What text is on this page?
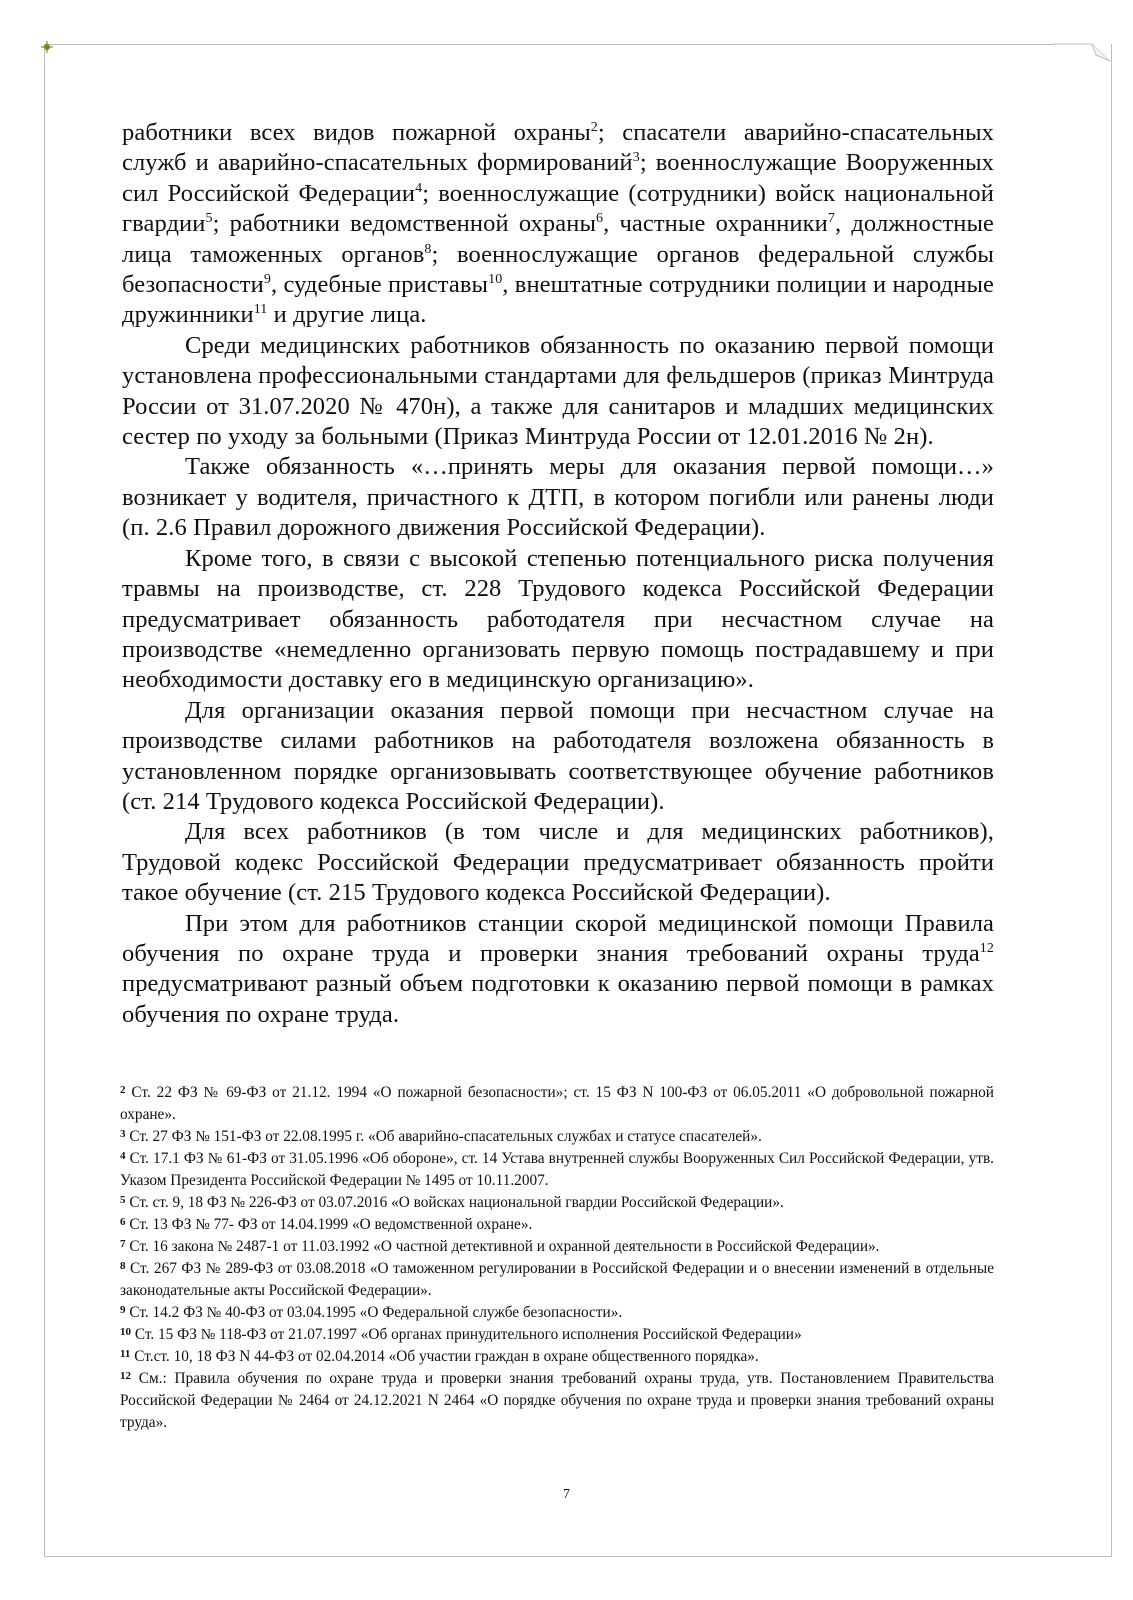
работники всех видов пожарной охраны$^2$; спасатели аварийно-спасательных служб и аварийно-спасательных формирований$^3$; военнослужащие Вооруженных сил Российской Федерации$^4$; военнослужащие (сотрудники) войск национальной гвардии$^5$; работники ведомственной охраны$^6$, частные охранники$^7$, должностные лица таможенных органов$^8$; военнослужащие органов федеральной службы безопасности$^9$, судебные приставы$^{10}$, внештатные сотрудники полиции и народные дружинники$^{11}$ и другие лица.

Среди медицинских работников обязанность по оказанию первой помощи установлена профессиональными стандартами для фельдшеров (приказ Минтруда России от 31.07.2020 № 470н), а также для санитаров и младших медицинских сестер по уходу за больными (Приказ Минтруда России от 12.01.2016 № 2н).

Также обязанность «…принять меры для оказания первой помощи…» возникает у водителя, причастного к ДТП, в котором погибли или ранены люди (п. 2.6 Правил дорожного движения Российской Федерации).

Кроме того, в связи с высокой степенью потенциального риска получения травмы на производстве, ст. 228 Трудового кодекса Российской Федерации предусматривает обязанность работодателя при несчастном случае на производстве «немедленно организовать первую помощь пострадавшему и при необходимости доставку его в медицинскую организацию».

Для организации оказания первой помощи при несчастном случае на производстве силами работников на работодателя возложена обязанность в установленном порядке организовывать соответствующее обучение работников (ст. 214 Трудового кодекса Российской Федерации).

Для всех работников (в том числе и для медицинских работников), Трудовой кодекс Российской Федерации предусматривает обязанность пройти такое обучение (ст. 215 Трудового кодекса Российской Федерации).

При этом для работников станции скорой медицинской помощи Правила обучения по охране труда и проверки знания требований охраны труда$^{12}$ предусматривают разный объем подготовки к оказанию первой помощи в рамках обучения по охране труда.

$^2$ Ст. 22 ФЗ № 69-ФЗ от 21.12. 1994 «О пожарной безопасности»; ст. 15 ФЗ N 100-ФЗ от 06.05.2011 «О добровольной пожарной охране».

$^3$ Ст. 27 ФЗ № 151-ФЗ от 22.08.1995 г. «Об аварийно-спасательных службах и статусе спасателей».

$^4$ Ст. 17.1 ФЗ № 61-ФЗ от 31.05.1996 «Об обороне», ст. 14 Устава внутренней службы Вооруженных Сил Российской Федерации, утв. Указом Президента Российской Федерации № 1495 от 10.11.2007.

$^5$ Ст. ст. 9, 18 ФЗ № 226-ФЗ от 03.07.2016 «О войсках национальной гвардии Российской Федерации».

$^6$ Ст. 13 ФЗ № 77- ФЗ от 14.04.1999 «О ведомственной охране».

$^7$ Ст. 16 закона № 2487-1 от 11.03.1992 «О частной детективной и охранной деятельности в Российской Федерации».

$^8$ Ст. 267 ФЗ № 289-ФЗ от 03.08.2018 «О таможенном регулировании в Российской Федерации и о внесении изменений в отдельные законодательные акты Российской Федерации».

$^9$ Ст. 14.2 ФЗ № 40-ФЗ от 03.04.1995 «О Федеральной службе безопасности».

$^{10}$ Ст. 15 ФЗ № 118-ФЗ от 21.07.1997 «Об органах принудительного исполнения Российской Федерации»

$^{11}$ Ст.ст. 10, 18 ФЗ N 44-ФЗ от 02.04.2014 «Об участии граждан в охране общественного порядка».

$^{12}$ См.: Правила обучения по охране труда и проверки знания требований охраны труда, утв. Постановлением Правительства Российской Федерации № 2464 от 24.12.2021 N 2464 «О порядке обучения по охране труда и проверки знания требований охраны труда».

7
